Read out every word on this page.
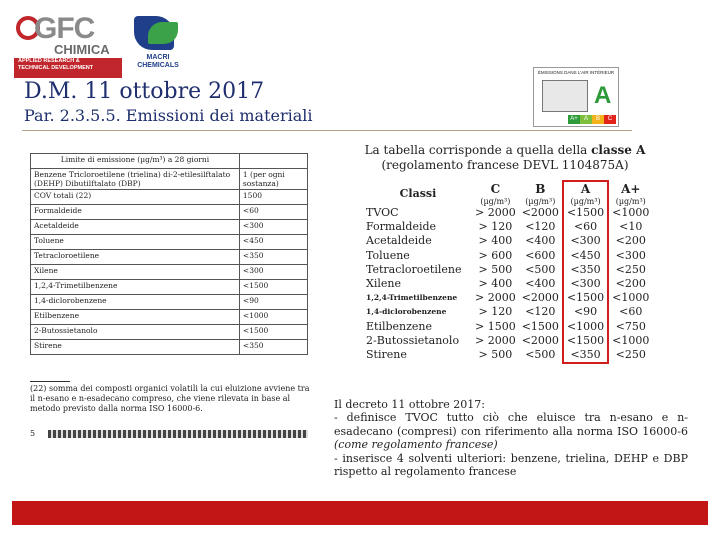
GFC
CHIMICA
APPLIED RESEARCH &
TECHNICAL DEVELOPMENT
MACRI
CHEMICALS
D.M. 11 ottobre 2017
Par. 2.3.5.5. Emissioni dei materiali
ÉMISSIONS DANS L'AIR INTÉRIEUR
A
A+	A	B	C
Limite di emissione (µg/m³) a 28 giorni	
Benzene Tricloroetilene (trielina) di-2-etilesilftalato (DEHP) Dibutilftalato (DBP)	1 (per ogni sostanza)
COV totali (22)	1500
Formaldeide	<60
Acetaldeide	<300
Toluene	<450
Tetracloroetilene	<350
Xilene	<300
1,2,4-Trimetilbenzene	<1500
1,4-diclorobenzene	<90
Etilbenzene	<1000
2-Butossietanolo	<1500
Stirene	<350
(22) somma dei composti organici volatili la cui eluizione avviene tra il n-esano e n-esadecano compreso, che viene rilevata in base al metodo previsto dalla norma ISO 16000-6.
5
La tabella corrisponde a quella della classe A
(regolamento francese DEVL 1104875A)
Classi	C	B	A	A+
	(µg/m³)	(µg/m³)	(µg/m³)	(µg/m³)
TVOC	> 2000	<2000	<1500	<1000
Formaldeide	> 120	<120	<60	<10
Acetaldeide	> 400	<400	<300	<200
Toluene	> 600	<600	<450	<300
Tetracloroetilene	> 500	<500	<350	<250
Xilene	> 400	<400	<300	<200
1,2,4-Trimetilbenzene	> 2000	<2000	<1500	<1000
1,4-diclorobenzene	> 120	<120	<90	<60
Etilbenzene	> 1500	<1500	<1000	<750
2-Butossietanolo	> 2000	<2000	<1500	<1000
Stirene	> 500	<500	<350	<250
Il decreto 11 ottobre 2017:
- definisce TVOC tutto ciò che eluisce tra n-esano e n-esadecano (compresi) con riferimento alla norma ISO 16000-6 (come regolamento francese)
- inserisce 4 solventi ulteriori: benzene, trielina, DEHP e DBP rispetto al regolamento francese
